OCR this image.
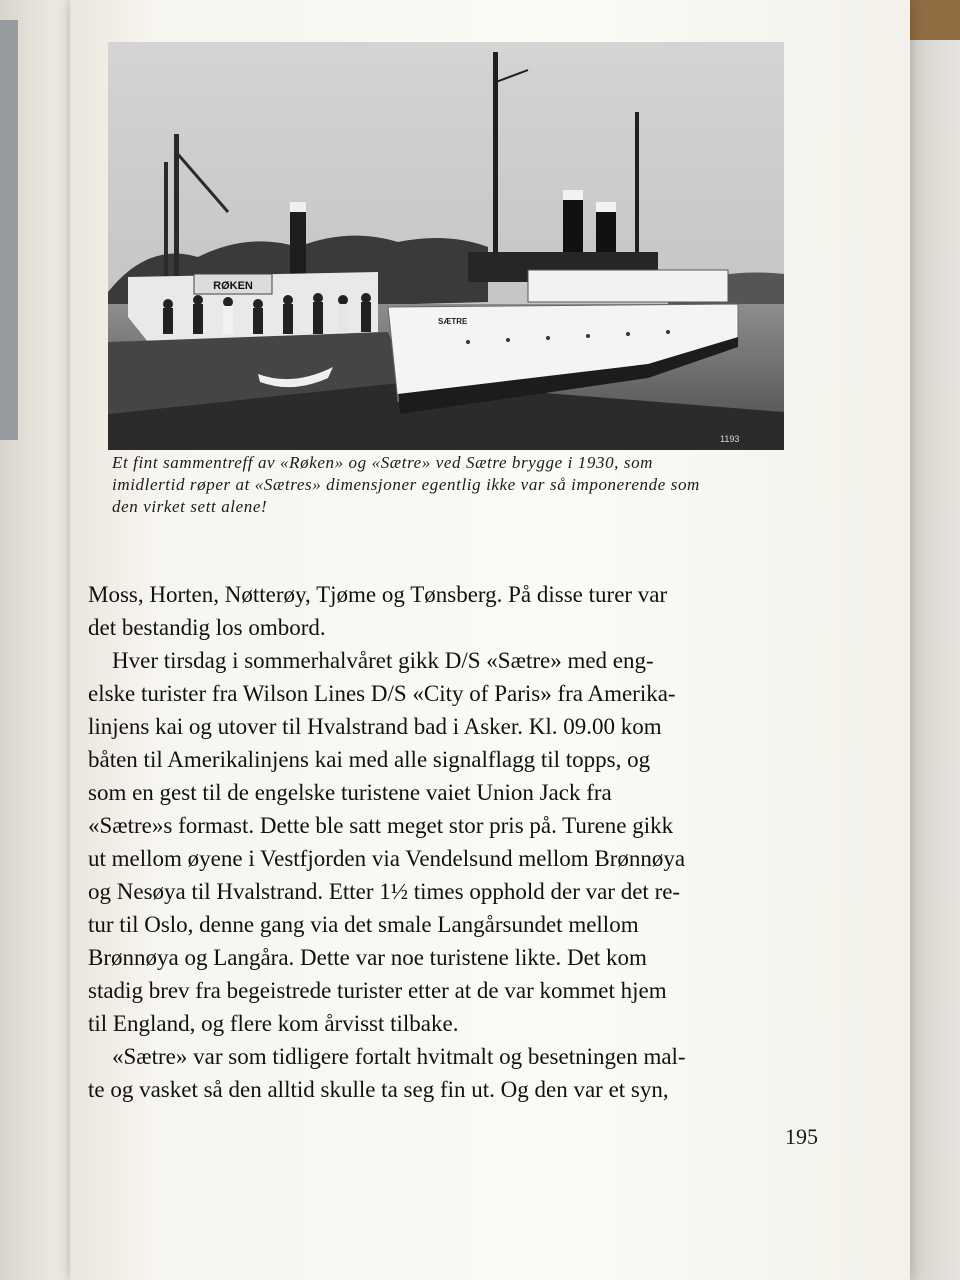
RØKEN
SÆTRE
1193
Et fint sammentreff av «Røken» og «Sætre» ved Sætre brygge i 1930, som
imidlertid røper at «Sætres» dimensjoner egentlig ikke var så imponerende som
den virket sett alene!
Moss, Horten, Nøtterøy, Tjøme og Tønsberg. På disse turer var
det bestandig los ombord.
Hver tirsdag i sommerhalvåret gikk D/S «Sætre» med eng-
elske turister fra Wilson Lines D/S «City of Paris» fra Amerika-
linjens kai og utover til Hvalstrand bad i Asker. Kl. 09.00 kom
båten til Amerikalinjens kai med alle signalflagg til topps, og
som en gest til de engelske turistene vaiet Union Jack fra
«Sætre»s formast. Dette ble satt meget stor pris på. Turene gikk
ut mellom øyene i Vestfjorden via Vendelsund mellom Brønnøya
og Nesøya til Hvalstrand. Etter 1½ times opphold der var det re-
tur til Oslo, denne gang via det smale Langårsundet mellom
Brønnøya og Langåra. Dette var noe turistene likte. Det kom
stadig brev fra begeistrede turister etter at de var kommet hjem
til England, og flere kom årvisst tilbake.
«Sætre» var som tidligere fortalt hvitmalt og besetningen mal-
te og vasket så den alltid skulle ta seg fin ut. Og den var et syn,
195
